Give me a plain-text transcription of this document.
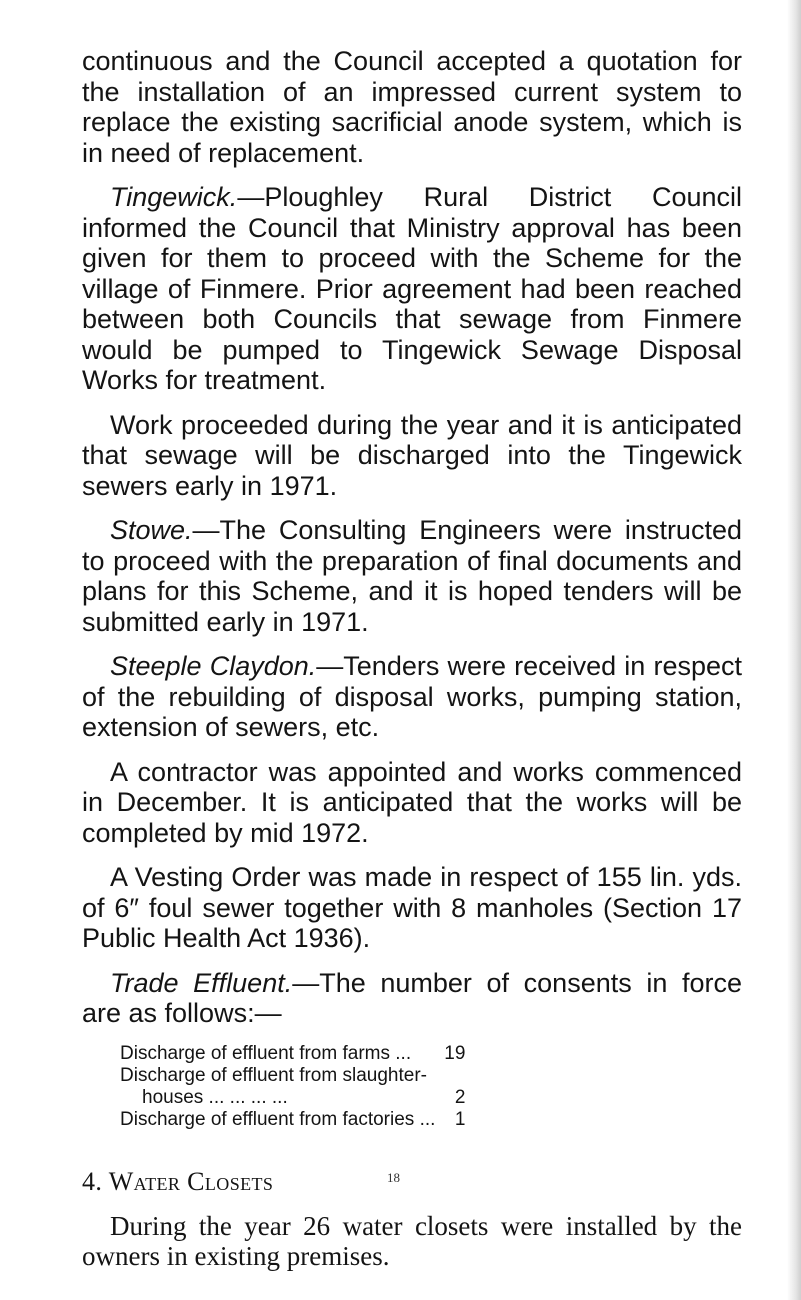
continuous and the Council accepted a quotation for the installation of an impressed current system to replace the existing sacrificial anode system, which is in need of replacement.

Tingewick.—Ploughley Rural District Council informed the Council that Ministry approval has been given for them to proceed with the Scheme for the village of Finmere. Prior agreement had been reached between both Councils that sewage from Finmere would be pumped to Tingewick Sewage Disposal Works for treatment.

Work proceeded during the year and it is anticipated that sewage will be discharged into the Tingewick sewers early in 1971.

Stowe.—The Consulting Engineers were instructed to proceed with the preparation of final documents and plans for this Scheme, and it is hoped tenders will be submitted early in 1971.

Steeple Claydon.—Tenders were received in respect of the rebuilding of disposal works, pumping station, extension of sewers, etc.

A contractor was appointed and works commenced in December. It is anticipated that the works will be completed by mid 1972.

A Vesting Order was made in respect of 155 lin. yds. of 6″ foul sewer together with 8 manholes (Section 17 Public Health Act 1936).

Trade Effluent.—The number of consents in force are as follows:—

Discharge of effluent from farms ...	19
Discharge of effluent from slaughter-	
houses ... ... ... ...	2
Discharge of effluent from factories ...	1
4. Water Closets

During the year 26 water closets were installed by the owners in existing premises.

18
